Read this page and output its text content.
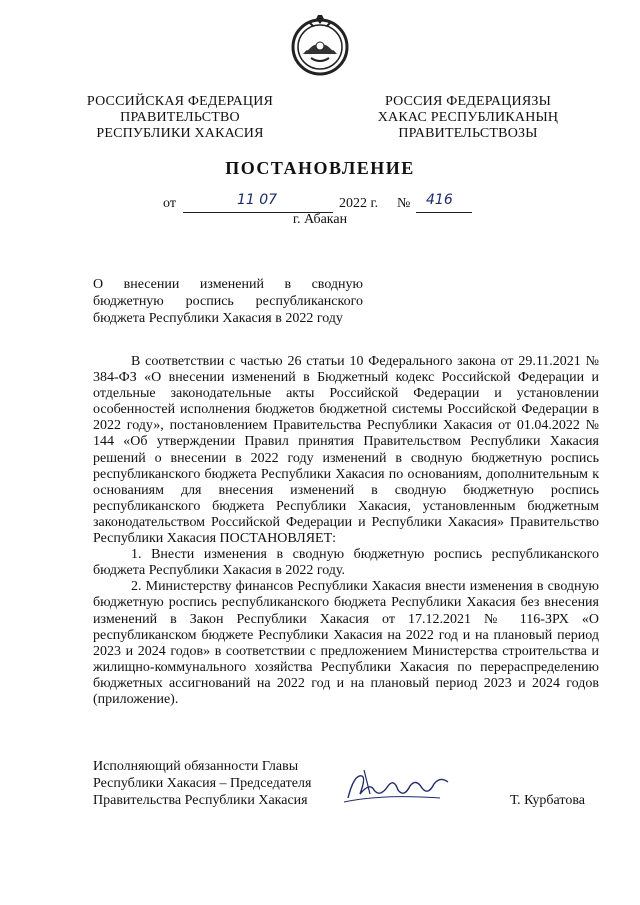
РОССИЙСКАЯ ФЕДЕРАЦИЯ
ПРАВИТЕЛЬСТВО
РЕСПУБЛИКИ ХАКАСИЯ
РОССИЯ ФЕДЕРАЦИЯЗЫ
ХАКАС РЕСПУБЛИКАНЫҢ
ПРАВИТЕЛЬСТВОЗЫ
ПОСТАНОВЛЕНИЕ
от	11 07	2022 г. № 416
г. Абакан
О внесении изменений в сводную бюджетную роспись республиканского бюджета Республики Хакасия в 2022 году

В соответствии с частью 26 статьи 10 Федерального закона от 29.11.2021 № 384-ФЗ «О внесении изменений в Бюджетный кодекс Российской Федерации и отдельные законодательные акты Российской Федерации и установлении особенностей исполнения бюджетов бюджетной системы Российской Федерации в 2022 году», постановлением Правительства Республики Хакасия от 01.04.2022 № 144 «Об утверждении Правил принятия Правительством Республики Хакасия решений о внесении в 2022 году изменений в сводную бюджетную роспись республиканского бюджета Республики Хакасия по основаниям, дополнительным к основаниям для внесения изменений в сводную бюджетную роспись республиканского бюджета Республики Хакасия, установленным бюджетным законодательством Российской Федерации и Республики Хакасия» Правительство Республики Хакасия ПОСТАНОВЛЯЕТ:

1. Внести изменения в сводную бюджетную роспись республиканского бюджета Республики Хакасия в 2022 году.

2. Министерству финансов Республики Хакасия внести изменения в сводную бюджетную роспись республиканского бюджета Республики Хакасия без внесения изменений в Закон Республики Хакасия от 17.12.2021 № 116-ЗРХ «О республиканском бюджете Республики Хакасия на 2022 год и на плановый период 2023 и 2024 годов» в соответствии с предложением Министерства строительства и жилищно-коммунального хозяйства Республики Хакасия по перераспределению бюджетных ассигнований на 2022 год и на плановый период 2023 и 2024 годов (приложение).

Исполняющий обязанности Главы
Республики Хакасия – Председателя
Правительства Республики Хакасия	Т. Курбатова
